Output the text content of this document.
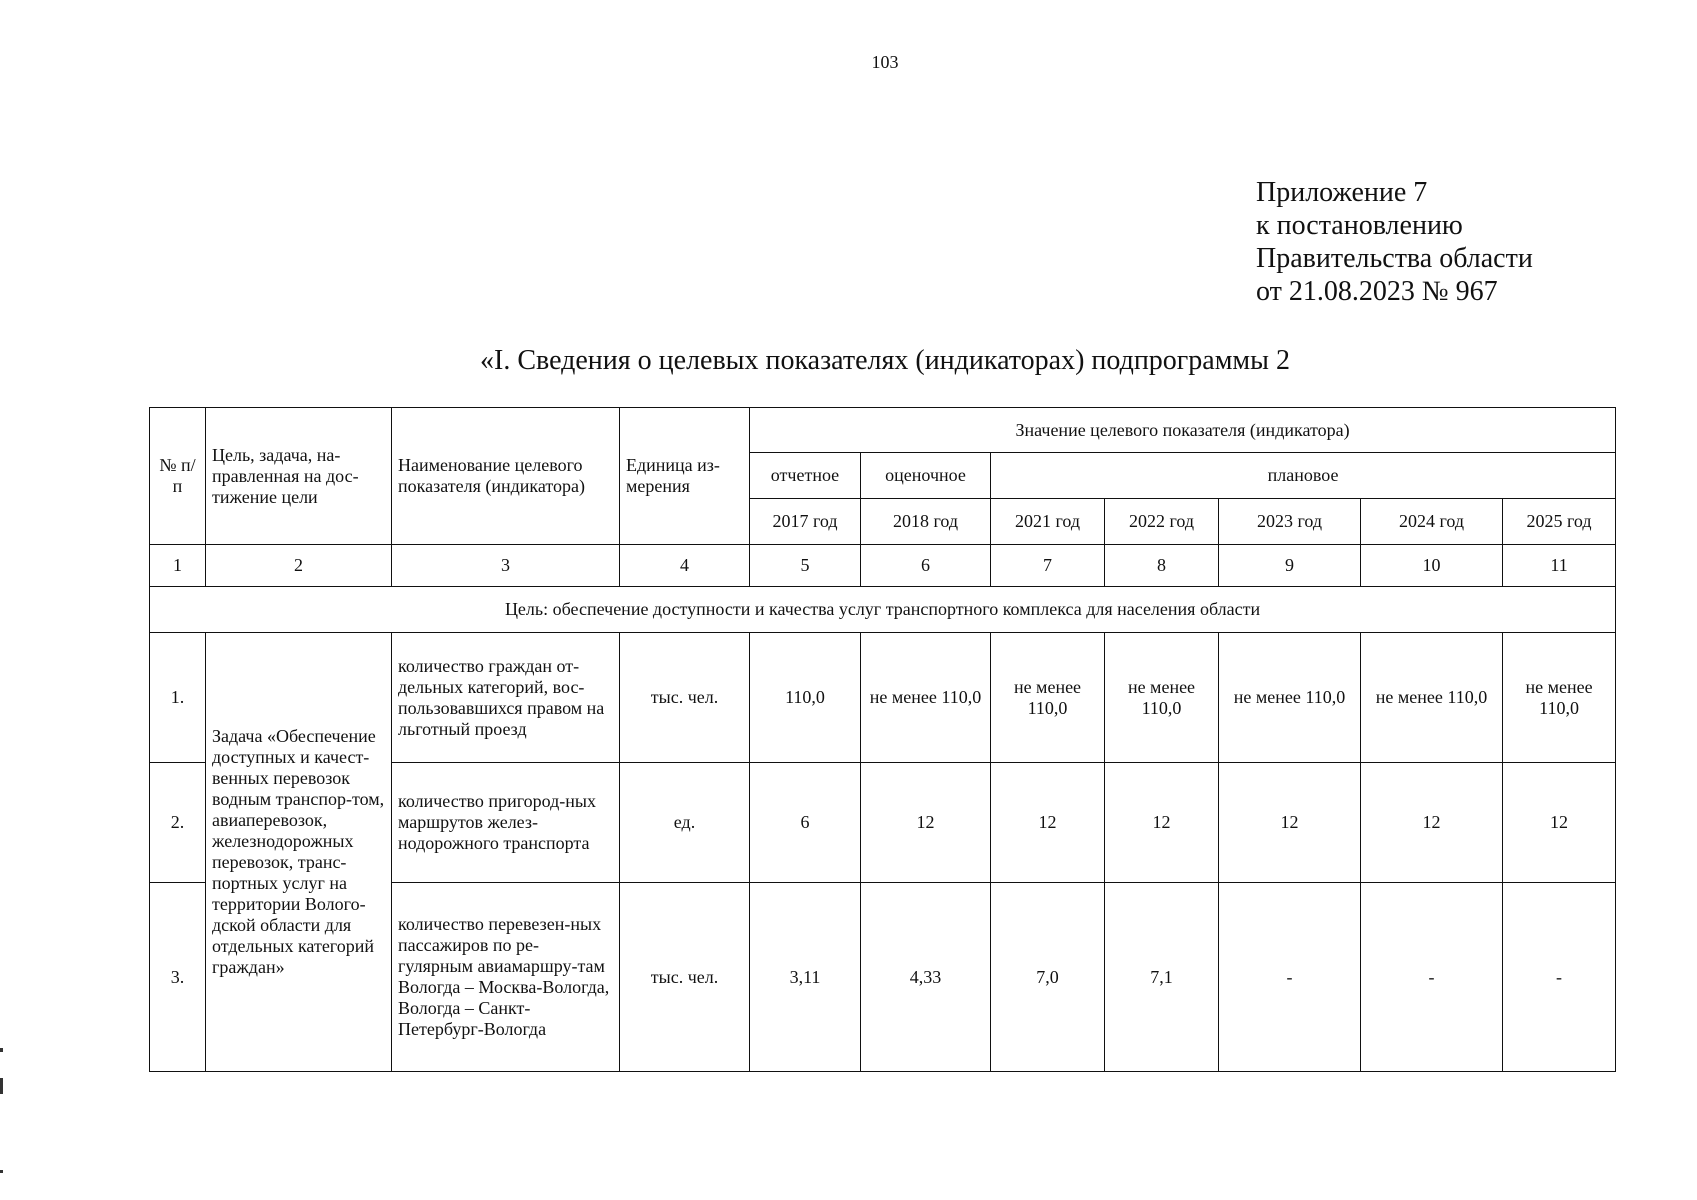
103
Приложение 7
к постановлению
Правительства области
от 21.08.2023 № 967
«I. Сведения о целевых показателях (индикаторах) подпрограммы 2
№ п/п	Цель, задача, на-правленная на дос-тижение цели	Наименование целевого показателя (индикатора)	Единица из-мерения	Значение целевого показателя (индикатора)						
				отчетное	оценочное	плановое				
				2017 год	2018 год	2021 год	2022 год	2023 год	2024 год	2025 год
1	2	3	4	5	6	7	8	9	10	11
Цель: обеспечение доступности и качества услуг транспортного комплекса для населения области										
1.	Задача «Обеспечение доступных и качест-венных перевозок водным транспор-том, авиаперевозок, железнодорожных перевозок, транс-портных услуг на территории Волого-дской области для отдельных категорий граждан»	количество граждан от-дельных категорий, вос-пользовавшихся правом на льготный проезд	тыс. чел.	110,0	не менее 110,0	не менее 110,0	не менее 110,0	не менее 110,0	не менее 110,0	не менее 110,0
2.		количество пригород-ных маршрутов желез-нодорожного транспорта	ед.	6	12	12	12	12	12	12
3.		количество перевезен-ных пассажиров по ре-гулярным авиамаршру-там Вологда – Москва-Вологда, Вологда – Санкт-Петербург-Вологда	тыс. чел.	3,11	4,33	7,0	7,1	-	-	-
